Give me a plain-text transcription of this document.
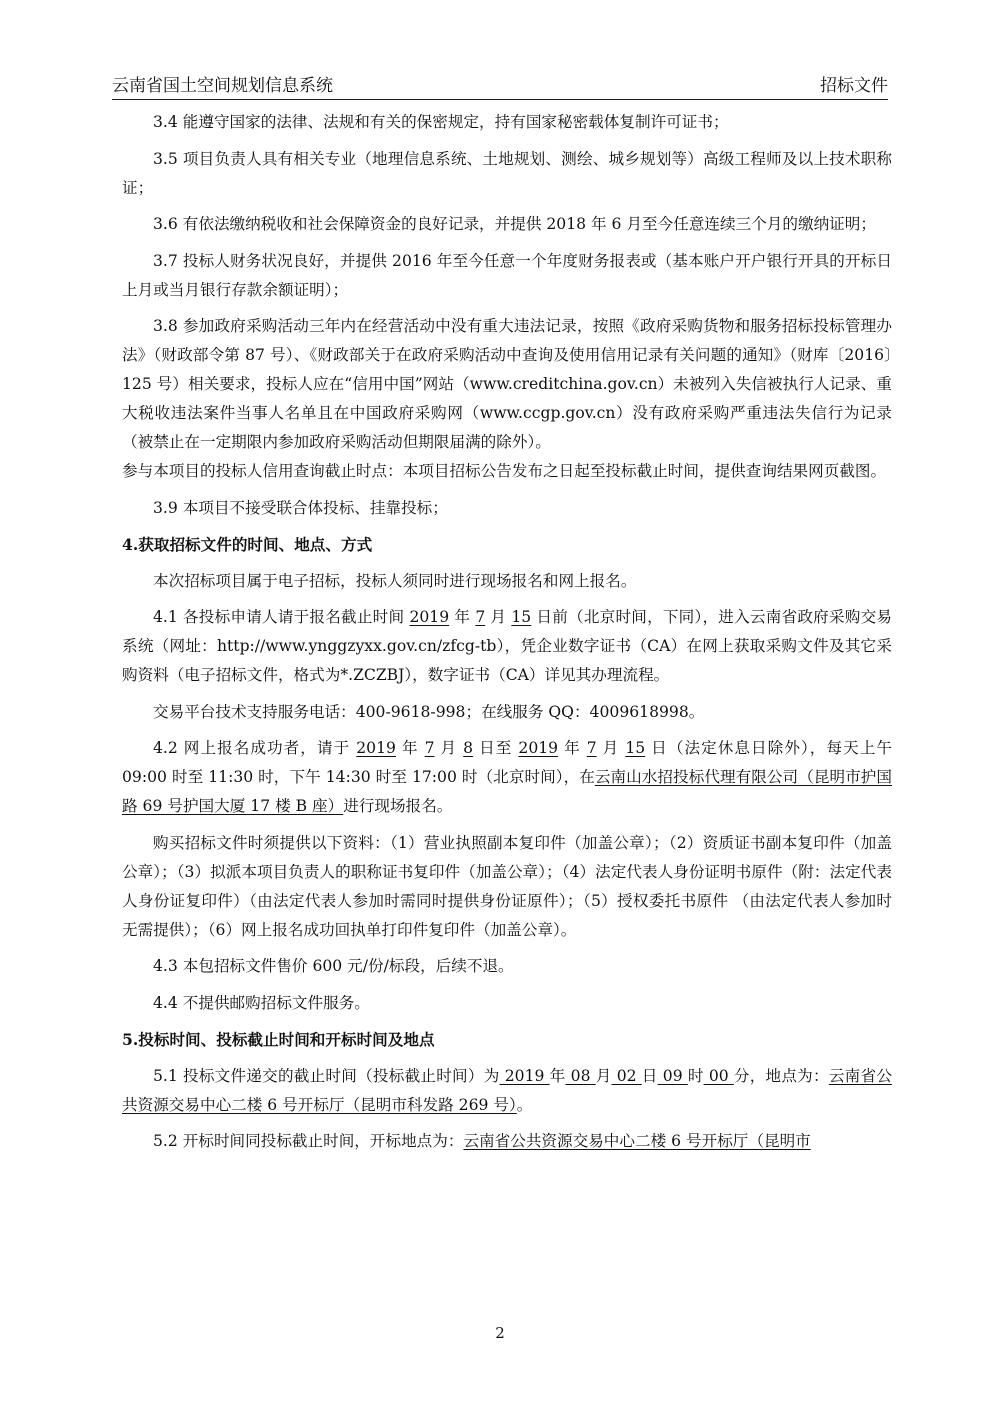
云南省国土空间规划信息系统	招标文件

3.4 能遵守国家的法律、法规和有关的保密规定，持有国家秘密载体复制许可证书；

3.5 项目负责人具有相关专业（地理信息系统、土地规划、测绘、城乡规划等）高级工程师及以上技术职称证；

3.6 有依法缴纳税收和社会保障资金的良好记录，并提供 2018 年 6 月至今任意连续三个月的缴纳证明；

3.7 投标人财务状况良好，并提供 2016 年至今任意一个年度财务报表或（基本账户开户银行开具的开标日上月或当月银行存款余额证明）；

3.8 参加政府采购活动三年内在经营活动中没有重大违法记录，按照《政府采购货物和服务招标投标管理办法》（财政部令第 87 号）、《财政部关于在政府采购活动中查询及使用信用记录有关问题的通知》（财库〔2016〕125 号）相关要求，投标人应在“信用中国”网站（www.creditchina.gov.cn）未被列入失信被执行人记录、重大税收违法案件当事人名单且在中国政府采购网（www.ccgp.gov.cn）没有政府采购严重违法失信行为记录（被禁止在一定期限内参加政府采购活动但期限届满的除外）。

参与本项目的投标人信用查询截止时点：本项目招标公告发布之日起至投标截止时间，提供查询结果网页截图。

3.9 本项目不接受联合体投标、挂靠投标；

4.获取招标文件的时间、地点、方式

本次招标项目属于电子招标，投标人须同时进行现场报名和网上报名。

4.1 各投标申请人请于报名截止时间 2019 年 7 月 15 日前（北京时间，下同），进入云南省政府采购交易系统（网址：http://www.ynggzyxx.gov.cn/zfcg-tb），凭企业数字证书（CA）在网上获取采购文件及其它采购资料（电子招标文件，格式为*.ZCZBJ），数字证书（CA）详见其办理流程。

交易平台技术支持服务电话：400-9618-998；在线服务 QQ：4009618998。

4.2 网上报名成功者，请于 2019 年 7 月 8 日至 2019 年 7 月 15 日（法定休息日除外），每天上午 09:00 时至 11:30 时，下午 14:30 时至 17:00 时（北京时间），在云南山水招投标代理有限公司（昆明市护国路 69 号护国大厦 17 楼 B 座）进行现场报名。

购买招标文件时须提供以下资料：（1）营业执照副本复印件（加盖公章）；（2）资质证书副本复印件（加盖公章）；（3）拟派本项目负责人的职称证书复印件（加盖公章）；（4）法定代表人身份证明书原件（附：法定代表人身份证复印件）（由法定代表人参加时需同时提供身份证原件）；（5）授权委托书原件 （由法定代表人参加时无需提供）；（6）网上报名成功回执单打印件复印件（加盖公章）。

4.3 本包招标文件售价 600 元/份/标段，后续不退。

4.4 不提供邮购招标文件服务。

5.投标时间、投标截止时间和开标时间及地点

5.1 投标文件递交的截止时间（投标截止时间）为 2019 年 08 月 02 日 09 时 00 分，地点为：云南省公共资源交易中心二楼 6 号开标厅（昆明市科发路 269 号）。

5.2 开标时间同投标截止时间，开标地点为：云南省公共资源交易中心二楼 6 号开标厅（昆明市

2
